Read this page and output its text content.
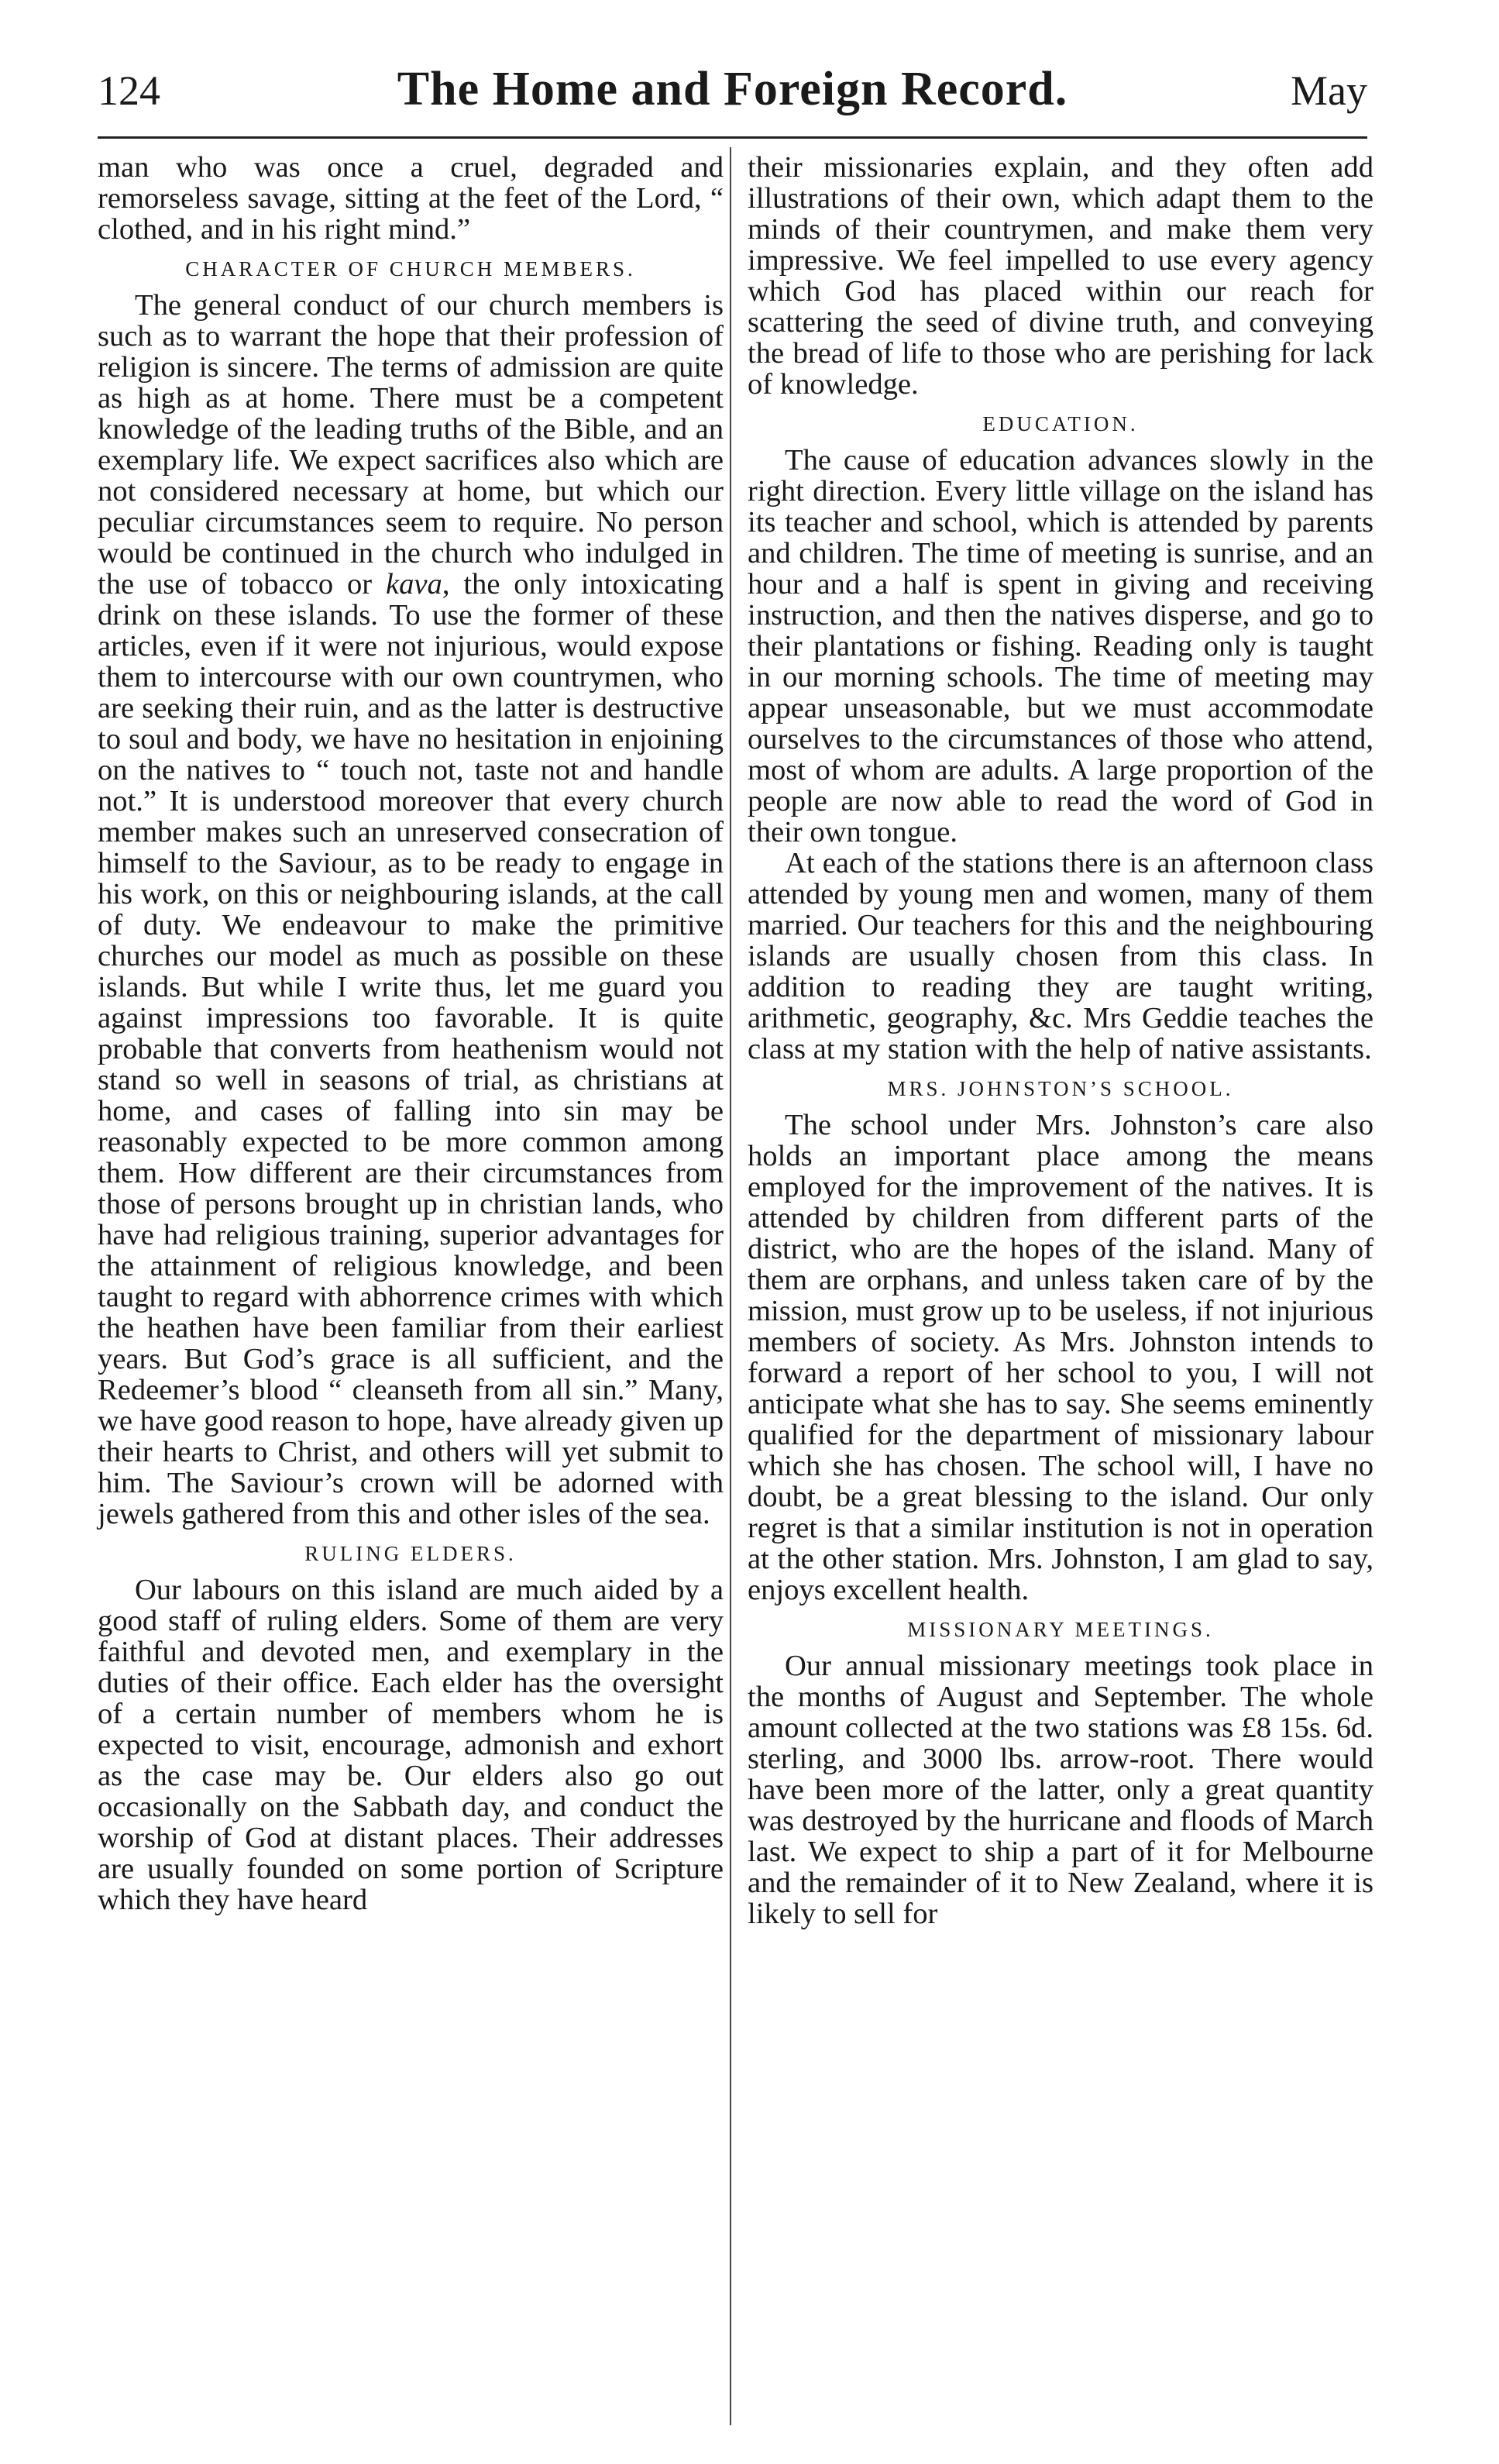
124	The Home and Foreign Record.	May

man who was once a cruel, degraded and remorseless savage, sitting at the feet of the Lord, “ clothed, and in his right mind.”

CHARACTER OF CHURCH MEMBERS.

The general conduct of our church members is such as to warrant the hope that their profession of religion is sincere. The terms of admission are quite as high as at home. There must be a competent knowledge of the leading truths of the Bible, and an exemplary life. We expect sacrifices also which are not considered necessary at home, but which our peculiar circumstances seem to require. No person would be continued in the church who indulged in the use of tobacco or kava, the only intoxicating drink on these islands. To use the former of these articles, even if it were not injurious, would expose them to intercourse with our own countrymen, who are seeking their ruin, and as the latter is destructive to soul and body, we have no hesitation in enjoining on the natives to “ touch not, taste not and handle not.” It is understood moreover that every church member makes such an unreserved consecration of himself to the Saviour, as to be ready to engage in his work, on this or neighbouring islands, at the call of duty. We endeavour to make the primitive churches our model as much as possible on these islands. But while I write thus, let me guard you against impressions too favorable. It is quite probable that converts from heathenism would not stand so well in seasons of trial, as christians at home, and cases of falling into sin may be reasonably expected to be more common among them. How different are their circumstances from those of persons brought up in christian lands, who have had religious training, superior advantages for the attainment of religious knowledge, and been taught to regard with abhorrence crimes with which the heathen have been familiar from their earliest years. But God’s grace is all sufficient, and the Redeemer’s blood “ cleanseth from all sin.” Many, we have good reason to hope, have already given up their hearts to Christ, and others will yet submit to him. The Saviour’s crown will be adorned with jewels gathered from this and other isles of the sea.

RULING ELDERS.

Our labours on this island are much aided by a good staff of ruling elders. Some of them are very faithful and devoted men, and exemplary in the duties of their office. Each elder has the oversight of a certain number of members whom he is expected to visit, encourage, admonish and exhort as the case may be. Our elders also go out occasionally on the Sabbath day, and conduct the worship of God at distant places. Their addresses are usually founded on some portion of Scripture which they have heard

their missionaries explain, and they often add illustrations of their own, which adapt them to the minds of their countrymen, and make them very impressive. We feel impelled to use every agency which God has placed within our reach for scattering the seed of divine truth, and conveying the bread of life to those who are perishing for lack of knowledge.

EDUCATION.

The cause of education advances slowly in the right direction. Every little village on the island has its teacher and school, which is attended by parents and children. The time of meeting is sunrise, and an hour and a half is spent in giving and receiving instruction, and then the natives disperse, and go to their plantations or fishing. Reading only is taught in our morning schools. The time of meeting may appear unseasonable, but we must accommodate ourselves to the circumstances of those who attend, most of whom are adults. A large proportion of the people are now able to read the word of God in their own tongue.

At each of the stations there is an afternoon class attended by young men and women, many of them married. Our teachers for this and the neighbouring islands are usually chosen from this class. In addition to reading they are taught writing, arithmetic, geography, &c. Mrs Geddie teaches the class at my station with the help of native assistants.

MRS. JOHNSTON’S SCHOOL.

The school under Mrs. Johnston’s care also holds an important place among the means employed for the improvement of the natives. It is attended by children from different parts of the district, who are the hopes of the island. Many of them are orphans, and unless taken care of by the mission, must grow up to be useless, if not injurious members of society. As Mrs. Johnston intends to forward a report of her school to you, I will not anticipate what she has to say. She seems eminently qualified for the department of missionary labour which she has chosen. The school will, I have no doubt, be a great blessing to the island. Our only regret is that a similar institution is not in operation at the other station. Mrs. Johnston, I am glad to say, enjoys excellent health.

MISSIONARY MEETINGS.

Our annual missionary meetings took place in the months of August and September. The whole amount collected at the two stations was £8 15s. 6d. sterling, and 3000 lbs. arrow-root. There would have been more of the latter, only a great quantity was destroyed by the hurricane and floods of March last. We expect to ship a part of it for Melbourne and the remainder of it to New Zealand, where it is likely to sell for
